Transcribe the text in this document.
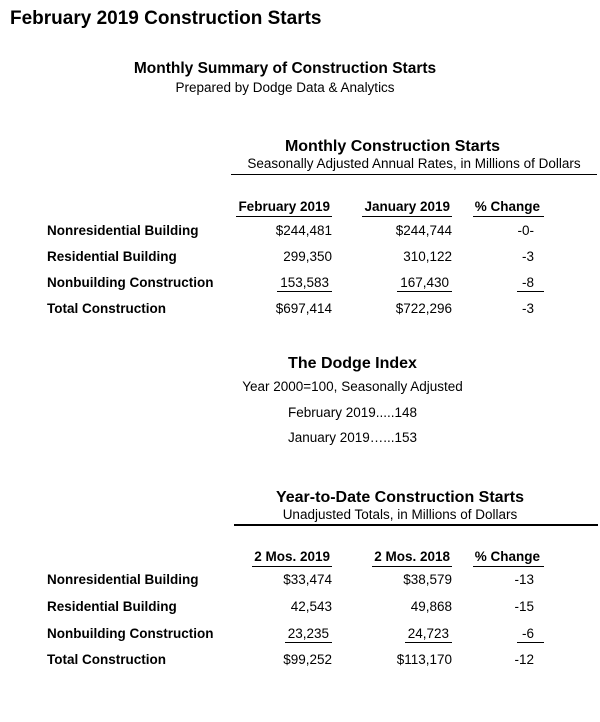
February 2019 Construction Starts
Monthly Summary of Construction Starts
Prepared by Dodge Data & Analytics
Monthly Construction Starts
Seasonally Adjusted Annual Rates, in Millions of Dollars
February 2019	January 2019	% Change
Nonresidential Building	$244,481	$244,744	-0-
Residential Building	299,350	310,122	-3
Nonbuilding Construction	153,583	167,430	-8
Total Construction	$697,414	$722,296	-3
The Dodge Index
Year 2000=100, Seasonally Adjusted
February 2019.....148
January 2019…...153
Year-to-Date Construction Starts
Unadjusted Totals, in Millions of Dollars
2 Mos. 2019	2 Mos. 2018	% Change
Nonresidential Building	$33,474	$38,579	-13
Residential Building	42,543	49,868	-15
Nonbuilding Construction	23,235	24,723	-6
Total Construction	$99,252	$113,170	-12
